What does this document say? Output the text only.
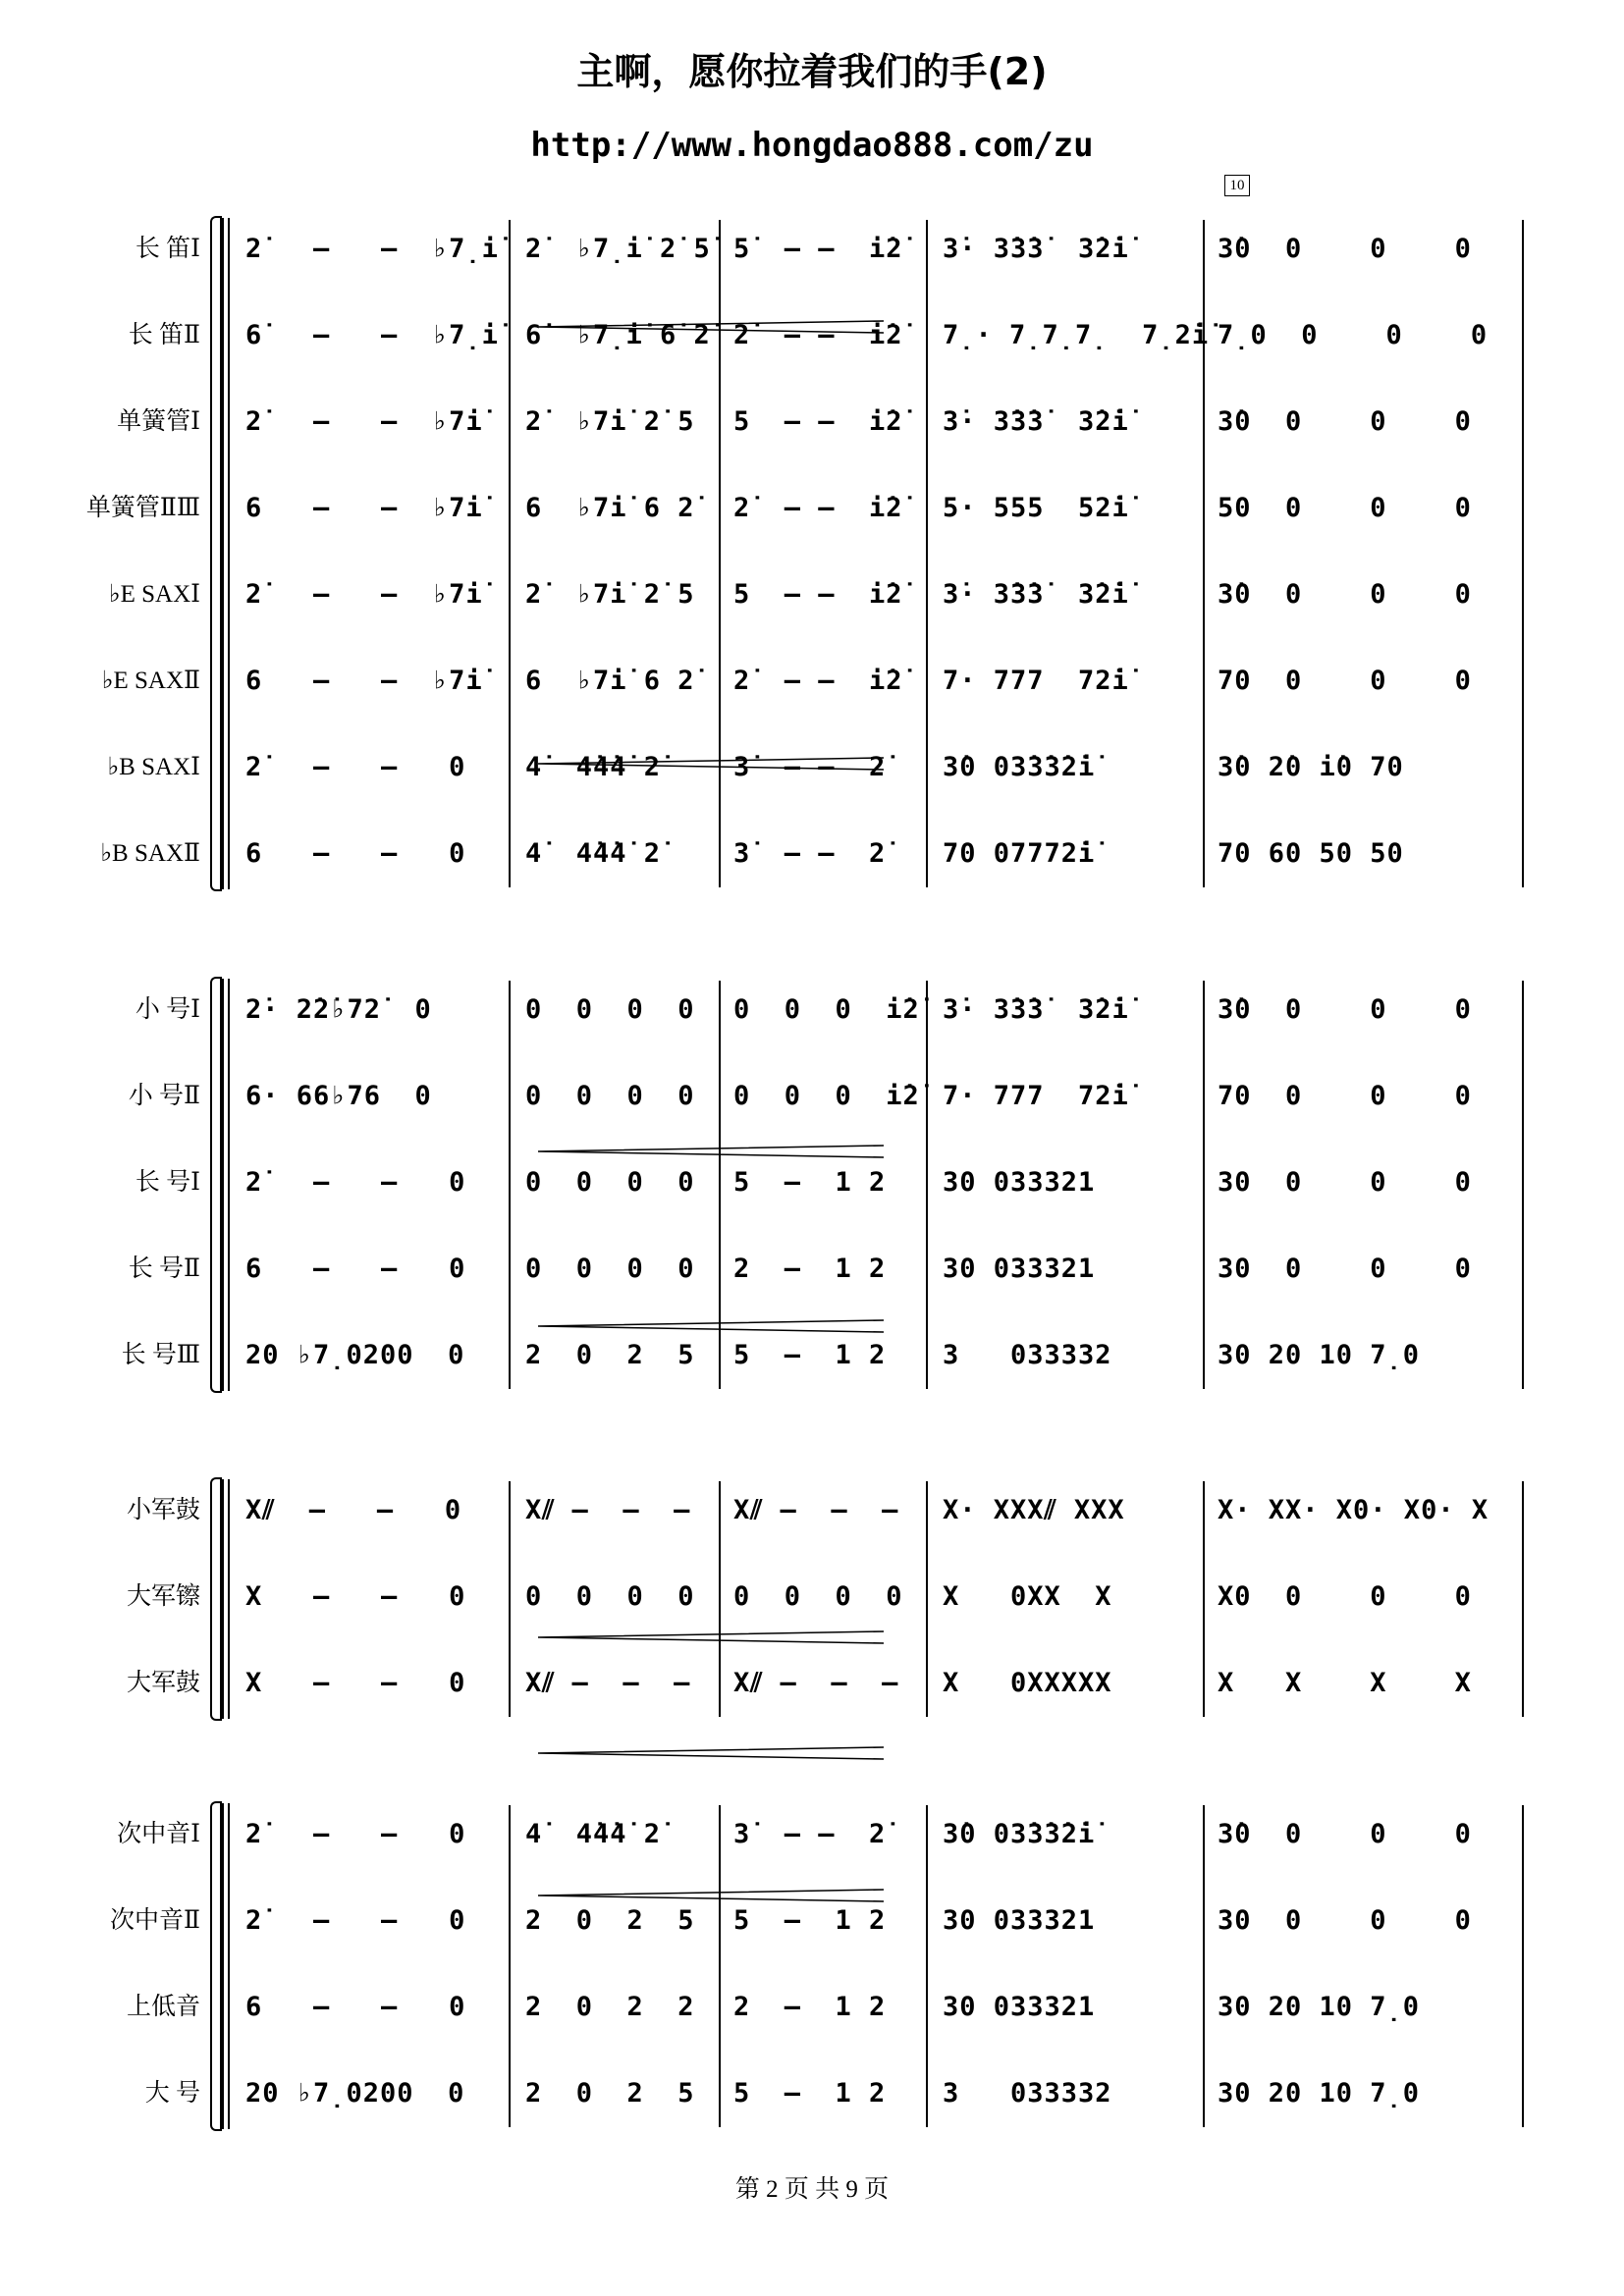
主啊，愿你拉着我们的手(2)
http://www.hongdao888.com/zu
10
长 笛Ⅰ 2̇   –   –  ♭7̣i̇	2̇  ♭7̣i̇ 2̇ 5̇ 5̇  – –  i̇2̇ 3̇· 3̇3̇3̇  3̇2̇i̇	3̇0  0    0    0
长 笛Ⅱ 6̇   –   –  ♭7̣i̇	6̇  ♭7̣i̇ 6̇ 2̇ 2̇  – –  i̇2̇ 7̣· 7̣7̣7̣  7̣2̇i̇ 7̣0  0    0    0
单簧管Ⅰ 2̇   –   –  ♭7i̇	2̇  ♭7i̇ 2̇ 5	5  – –  i̇2̇ 3̇· 3̇3̇3̇  3̇2̇i̇	3̇0  0    0    0
单簧管ⅡⅢ 6   –   –  ♭7i̇	6  ♭7i̇ 6 2̇	2̇  – –  i̇2̇ 5· 555  52̇i̇	50  0    0    0
♭E SAXⅠ 2̇   –   –  ♭7i̇	2̇  ♭7i̇ 2̇ 5	5  – –  i̇2̇ 3̇· 3̇3̇3̇  3̇2̇i̇	3̇0  0    0    0
♭E SAXⅡ 6   –   –  ♭7i̇	6  ♭7i̇ 6 2̇	2̇  – –  i̇2̇ 7· 777  72̇i̇	70  0    0    0
♭B SAXⅠ 2̇   –   –   0	4̇  4̇4̇4̇ 2̇	3̇  – –  2̇	3̇0 03̇3̇3̇2̇i̇	3̇0 2̇0 i̇0 70
♭B SAXⅡ 6   –   –   0	4̇  4̇4̇4̇ 2̇	3̇  – –  2̇	70 07772̇i̇	70 60 50 50
小 号Ⅰ 2̇· 2̇2̇♭72̇  0	0  0  0  0	0  0  0  i̇2̇ 3̇· 3̇3̇3̇  3̇2̇i̇	3̇0  0    0    0
小 号Ⅱ 6· 66♭76  0	0  0  0  0	0  0  0  i̇2̇ 7· 777  72̇i̇	70  0    0    0
长 号Ⅰ 2̇   –   –   0	0  0  0  0	5  –  1 2	30 033321	30  0    0    0
长 号Ⅱ 6   –   –   0	0  0  0  0	2  –  1 2	30 033321	30  0    0    0
长 号Ⅲ 20 ♭7̣0200  0	2  0  2  5	5  –  1 2	3   033332	30 20 10 7̣0
小军鼓 X⫽  –   –   0	X⫽ –  –  –	X⫽ –  –  – X· XXX⫽ XXX	X· XX· X0· X0· X
大军镲 X   –   –   0	0  0  0  0	0  0  0  0 X   0XX  X	X0  0    0    0
大军鼓 X   –   –   0	X⫽ –  –  –	X⫽ –  –  – X   0XXXXX	X   X    X    X
次中音Ⅰ 2̇   –   –   0	4̇  4̇4̇4̇ 2̇	3̇  – –  2̇	3̇0 03̇3̇3̇2̇i̇	3̇0  0    0    0
次中音Ⅱ 2̇   –   –   0	2  0  2  5	5  –  1 2	30 033321	30  0    0    0
上低音 6   –   –   0	2  0  2  2	2  –  1 2	30 033321	30 20 10 7̣0
大 号 20 ♭7̣0200  0	2  0  2  5	5  –  1 2	3   033332	30 20 10 7̣0
第 2 页 共 9 页
